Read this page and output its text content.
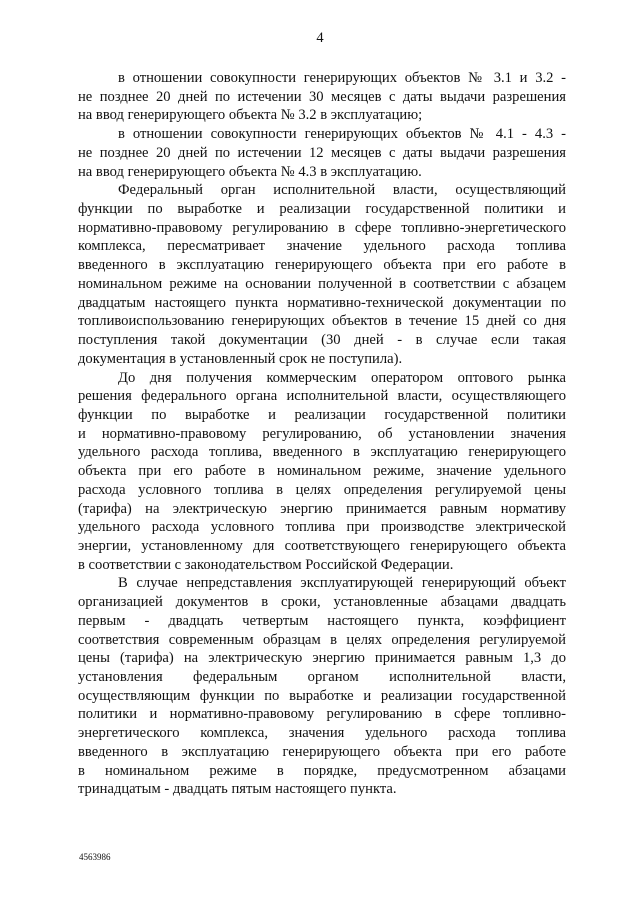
4

в отношении совокупности генерирующих объектов № 3.1 и 3.2 -
не позднее 20 дней по истечении 30 месяцев с даты выдачи разрешения
на ввод генерирующего объекта № 3.2 в эксплуатацию;

в отношении совокупности генерирующих объектов № 4.1 - 4.3 -
не позднее 20 дней по истечении 12 месяцев с даты выдачи разрешения
на ввод генерирующего объекта № 4.3 в эксплуатацию.

Федеральный орган исполнительной власти, осуществляющий
функции по выработке и реализации государственной политики и
нормативно-правовому регулированию в сфере топливно-энергетического
комплекса, пересматривает значение удельного расхода топлива
введенного в эксплуатацию генерирующего объекта при его работе в
номинальном режиме на основании полученной в соответствии с абзацем
двадцатым настоящего пункта нормативно-технической документации по
топливоиспользованию генерирующих объектов в течение 15 дней со дня
поступления такой документации (30 дней - в случае если такая
документация в установленный срок не поступила).

До дня получения коммерческим оператором оптового рынка
решения федерального органа исполнительной власти, осуществляющего
функции по выработке и реализации государственной политики
и нормативно-правовому регулированию, об установлении значения
удельного расхода топлива, введенного в эксплуатацию генерирующего
объекта при его работе в номинальном режиме, значение удельного
расхода условного топлива в целях определения регулируемой цены
(тарифа) на электрическую энергию принимается равным нормативу
удельного расхода условного топлива при производстве электрической
энергии, установленному для соответствующего генерирующего объекта
в соответствии с законодательством Российской Федерации.

В случае непредставления эксплуатирующей генерирующий объект
организацией документов в сроки, установленные абзацами двадцать
первым - двадцать четвертым настоящего пункта, коэффициент
соответствия современным образцам в целях определения регулируемой
цены (тарифа) на электрическую энергию принимается равным 1,3 до
установления федеральным органом исполнительной власти,
осуществляющим функции по выработке и реализации государственной
политики и нормативно-правовому регулированию в сфере топливно-
энергетического комплекса, значения удельного расхода топлива
введенного в эксплуатацию генерирующего объекта при его работе
в номинальном режиме в порядке, предусмотренном абзацами
тринадцатым - двадцать пятым настоящего пункта.

4563986
